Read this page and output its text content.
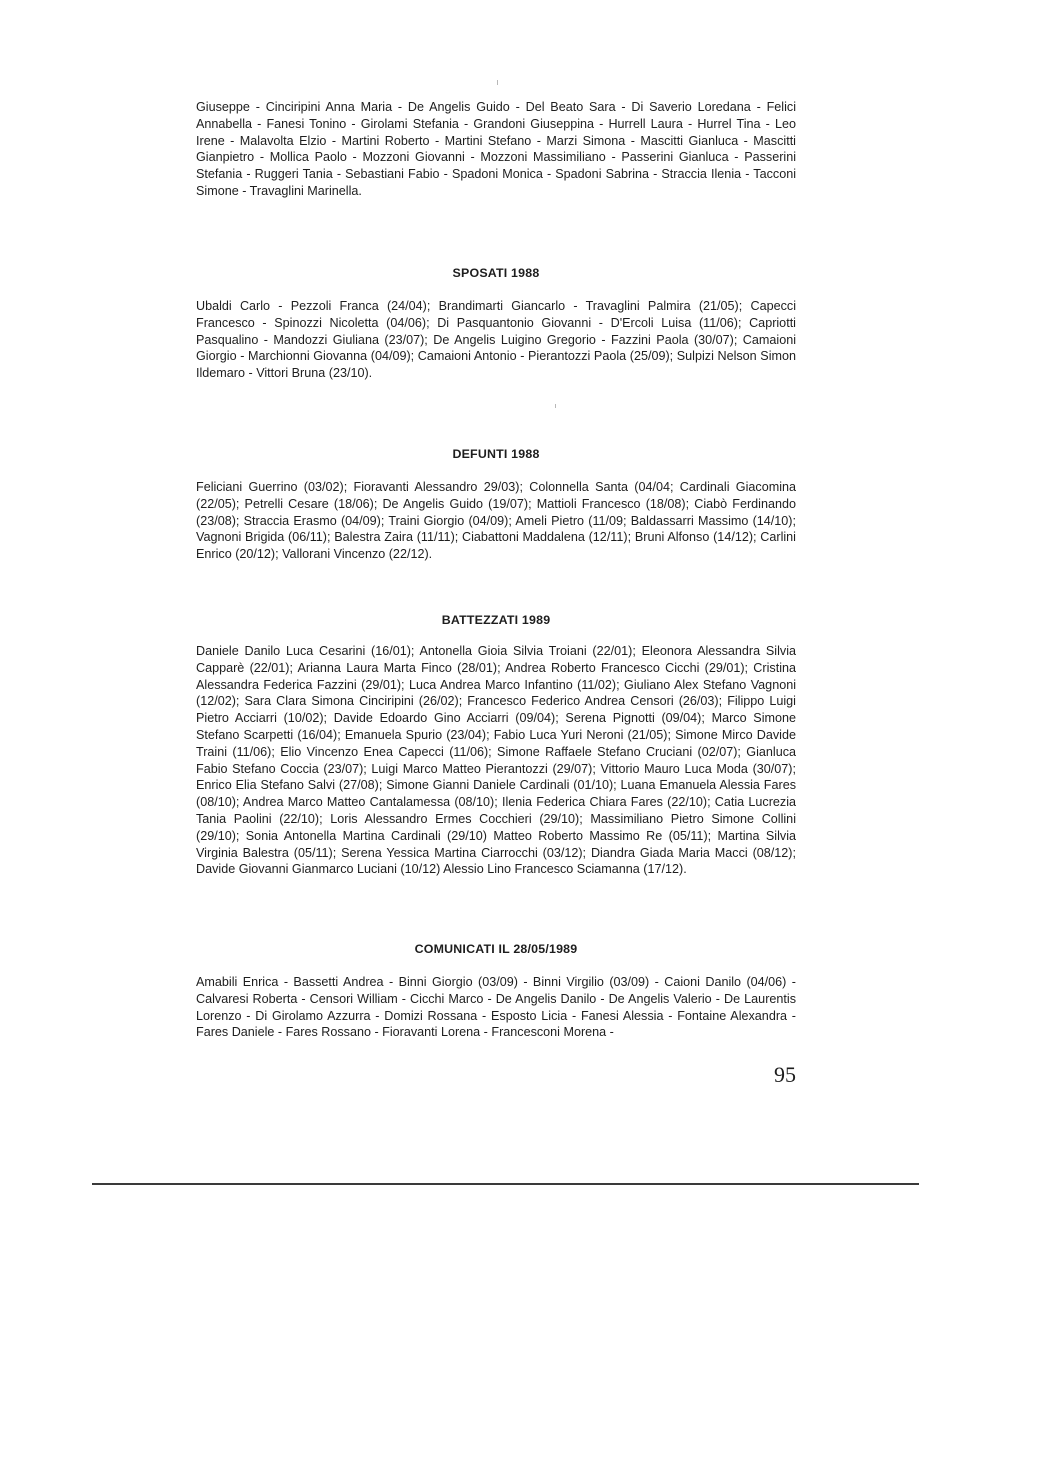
Giuseppe - Cinciripini Anna Maria - De Angelis Guido - Del Beato Sara - Di Saverio Loredana - Felici Annabella - Fanesi Tonino - Girolami Stefania - Grandoni Giuseppina - Hurrell Laura - Hurrel Tina - Leo Irene - Malavolta Elzio - Martini Roberto - Martini Stefano - Marzi Simona - Mascitti Gianluca - Mascitti Gianpietro - Mollica Paolo - Mozzoni Giovanni - Mozzoni Massimiliano - Passerini Gianluca - Passerini Stefania - Ruggeri Tania - Sebastiani Fabio - Spadoni Monica - Spadoni Sabrina - Straccia Ilenia - Tacconi Simone - Travaglini Marinella.

SPOSATI 1988

Ubaldi Carlo - Pezzoli Franca (24/04); Brandimarti Giancarlo - Travaglini Palmira (21/05); Capecci Francesco - Spinozzi Nicoletta (04/06); Di Pasquantonio Giovanni - D'Ercoli Luisa (11/06); Capriotti Pasqualino - Mandozzi Giuliana (23/07); De Angelis Luigino Gregorio - Fazzini Paola (30/07); Camaioni Giorgio - Marchionni Giovanna (04/09); Camaioni Antonio - Pierantozzi Paola (25/09); Sulpizi Nelson Simon Ildemaro - Vittori Bruna (23/10).

DEFUNTI 1988

Feliciani Guerrino (03/02); Fioravanti Alessandro 29/03); Colonnella Santa (04/04; Cardinali Giacomina (22/05); Petrelli Cesare (18/06); De Angelis Guido (19/07); Mattioli Francesco (18/08); Ciabò Ferdinando (23/08); Straccia Erasmo (04/09); Traini Giorgio (04/09); Ameli Pietro (11/09; Baldassarri Massimo (14/10); Vagnoni Brigida (06/11); Balestra Zaira (11/11); Ciabattoni Maddalena (12/11); Bruni Alfonso (14/12); Carlini Enrico (20/12); Vallorani Vincenzo (22/12).

BATTEZZATI 1989

Daniele Danilo Luca Cesarini (16/01); Antonella Gioia Silvia Troiani (22/01); Eleonora Alessandra Silvia Capparè (22/01); Arianna Laura Marta Finco (28/01); Andrea Roberto Francesco Cicchi (29/01); Cristina Alessandra Federica Fazzini (29/01); Luca Andrea Marco Infantino (11/02); Giuliano Alex Stefano Vagnoni (12/02); Sara Clara Simona Cinciripini (26/02); Francesco Federico Andrea Censori (26/03); Filippo Luigi Pietro Acciarri (10/02); Davide Edoardo Gino Acciarri (09/04); Serena Pignotti (09/04); Marco Simone Stefano Scarpetti (16/04); Emanuela Spurio (23/04); Fabio Luca Yuri Neroni (21/05); Simone Mirco Davide Traini (11/06); Elio Vincenzo Enea Capecci (11/06); Simone Raffaele Stefano Cruciani (02/07); Gianluca Fabio Stefano Coccia (23/07); Luigi Marco Matteo Pierantozzi (29/07); Vittorio Mauro Luca Moda (30/07); Enrico Elia Stefano Salvi (27/08); Simone Gianni Daniele Cardinali (01/10); Luana Emanuela Alessia Fares (08/10); Andrea Marco Matteo Cantalamessa (08/10); Ilenia Federica Chiara Fares (22/10); Catia Lucrezia Tania Paolini (22/10); Loris Alessandro Ermes Cocchieri (29/10); Massimiliano Pietro Simone Collini (29/10); Sonia Antonella Martina Cardinali (29/10) Matteo Roberto Massimo Re (05/11); Martina Silvia Virginia Balestra (05/11); Serena Yessica Martina Ciarrocchi (03/12); Diandra Giada Maria Macci (08/12); Davide Giovanni Gianmarco Luciani (10/12) Alessio Lino Francesco Sciamanna (17/12).

COMUNICATI IL 28/05/1989

Amabili Enrica - Bassetti Andrea - Binni Giorgio (03/09) - Binni Virgilio (03/09) - Caioni Danilo (04/06) - Calvaresi Roberta - Censori William - Cicchi Marco - De Angelis Danilo - De Angelis Valerio - De Laurentis Lorenzo - Di Girolamo Azzurra - Domizi Rossana - Esposto Licia - Fanesi Alessia - Fontaine Alexandra - Fares Daniele - Fares Rossano - Fioravanti Lorena - Francesconi Morena -

95
